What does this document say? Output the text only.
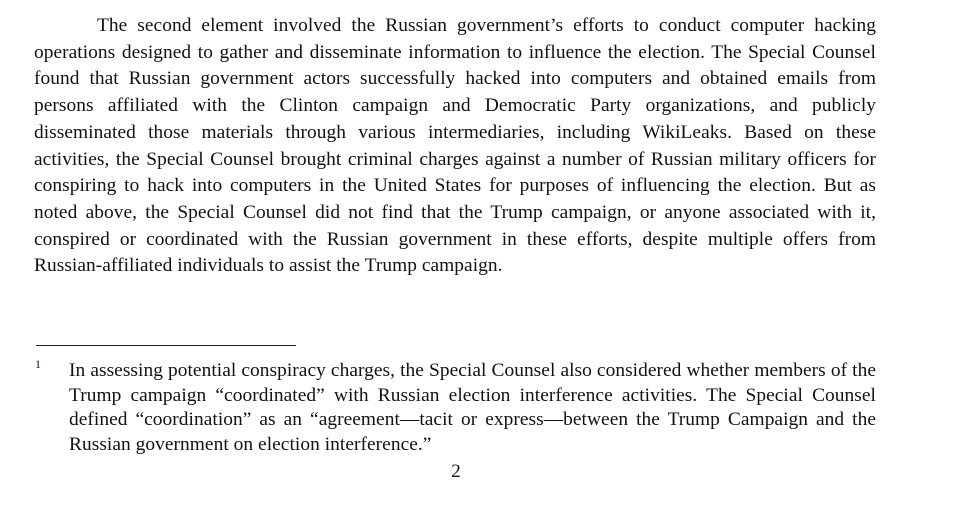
The second element involved the Russian government’s efforts to conduct computer hacking operations designed to gather and disseminate information to influence the election. The Special Counsel found that Russian government actors successfully hacked into computers and obtained emails from persons affiliated with the Clinton campaign and Democratic Party organizations, and publicly disseminated those materials through various intermediaries, including WikiLeaks. Based on these activities, the Special Counsel brought criminal charges against a number of Russian military officers for conspiring to hack into computers in the United States for purposes of influencing the election. But as noted above, the Special Counsel did not find that the Trump campaign, or anyone associated with it, conspired or coordinated with the Russian government in these efforts, despite multiple offers from Russian-affiliated individuals to assist the Trump campaign.

1 In assessing potential conspiracy charges, the Special Counsel also considered whether members of the Trump campaign “coordinated” with Russian election interference activities. The Special Counsel defined “coordination” as an “agreement—tacit or express—between the Trump Campaign and the Russian government on election interference.”

2
